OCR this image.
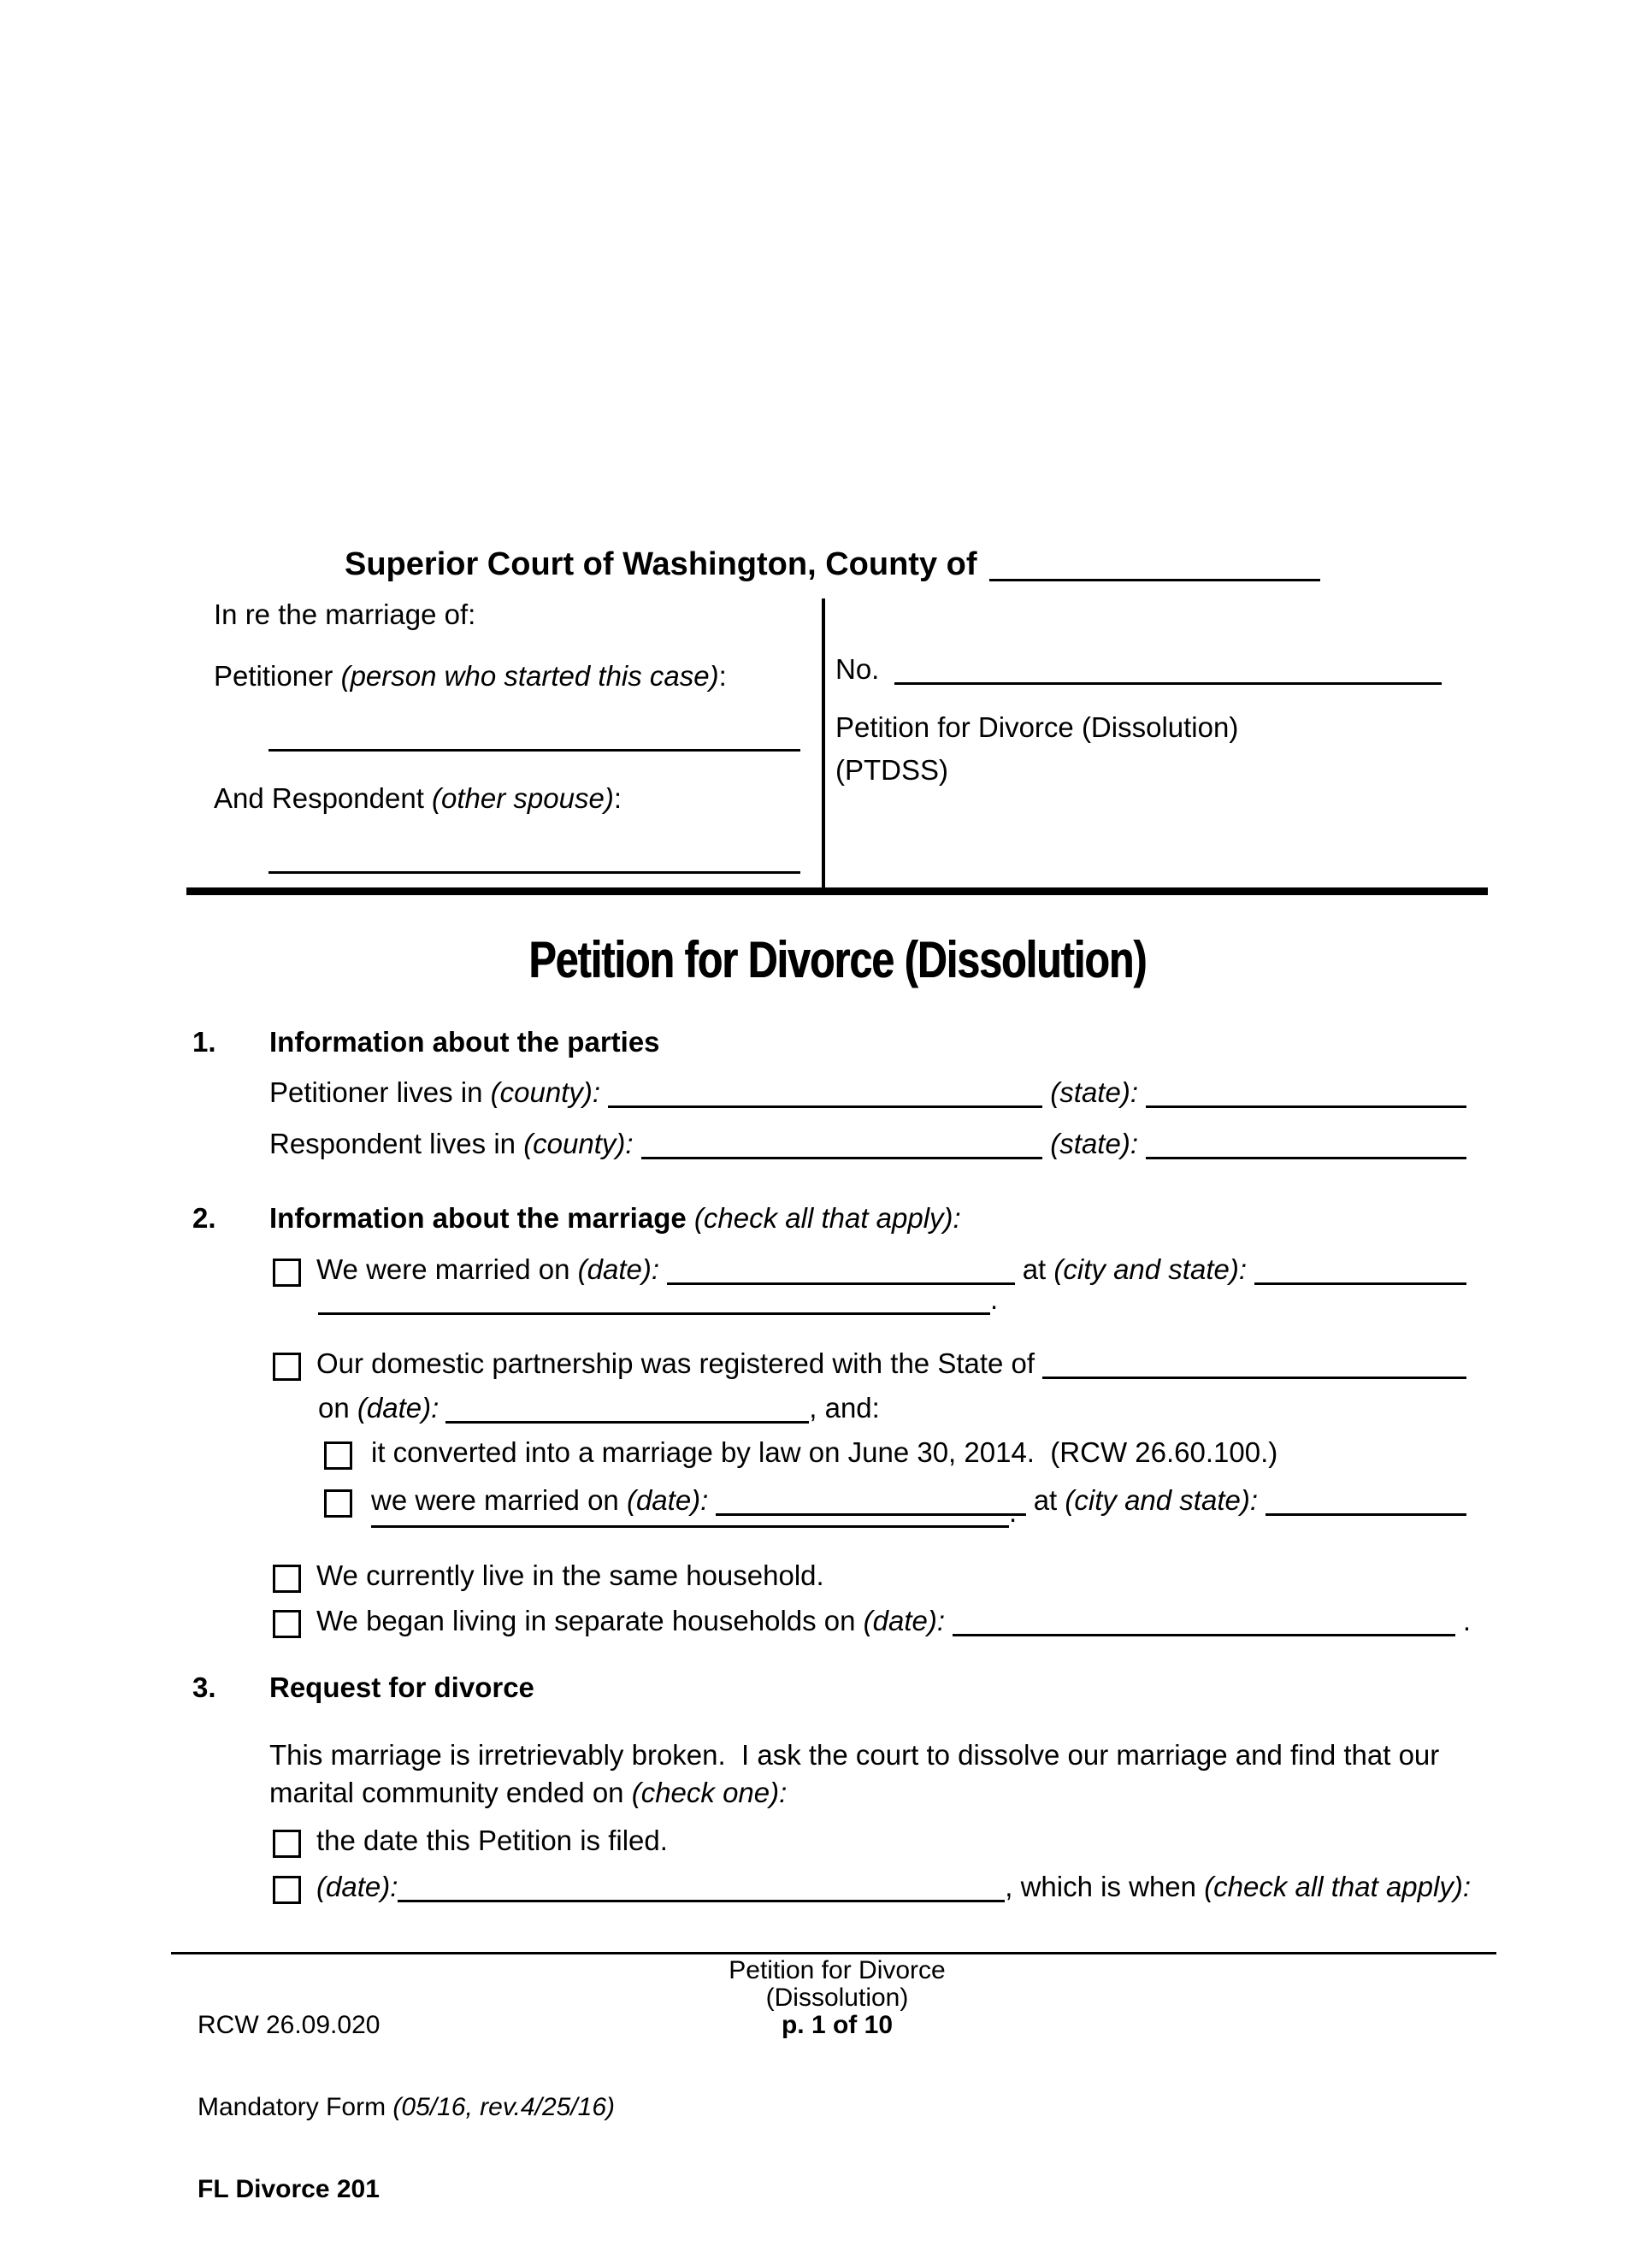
Superior Court of Washington, County of
In re the marriage of:
Petitioner (person who started this case):
And Respondent (other spouse):
No.
Petition for Divorce (Dissolution)
(PTDSS)
Petition for Divorce (Dissolution)
1.	Information about the parties
Petitioner lives in (county):	(state):
Respondent lives in (county):	(state):
2.	Information about the marriage (check all that apply):
We were married on (date):	at (city and state):
.
Our domestic partnership was registered with the State of
on (date):	, and:
it converted into a marriage by law on June 30, 2014.  (RCW 26.60.100.)
we were married on (date):	at (city and state):
.
We currently live in the same household.
We began living in separate households on (date):	.
3.	Request for divorce
This marriage is irretrievably broken.  I ask the court to dissolve our marriage and find that our marital community ended on (check one):
the date this Petition is filed.
(date):	, which is when (check all that apply):

RCW 26.09.020

Mandatory Form (05/16, rev.4/25/16)

FL Divorce 201

Petition for Divorce
(Dissolution)
p. 1 of 10
